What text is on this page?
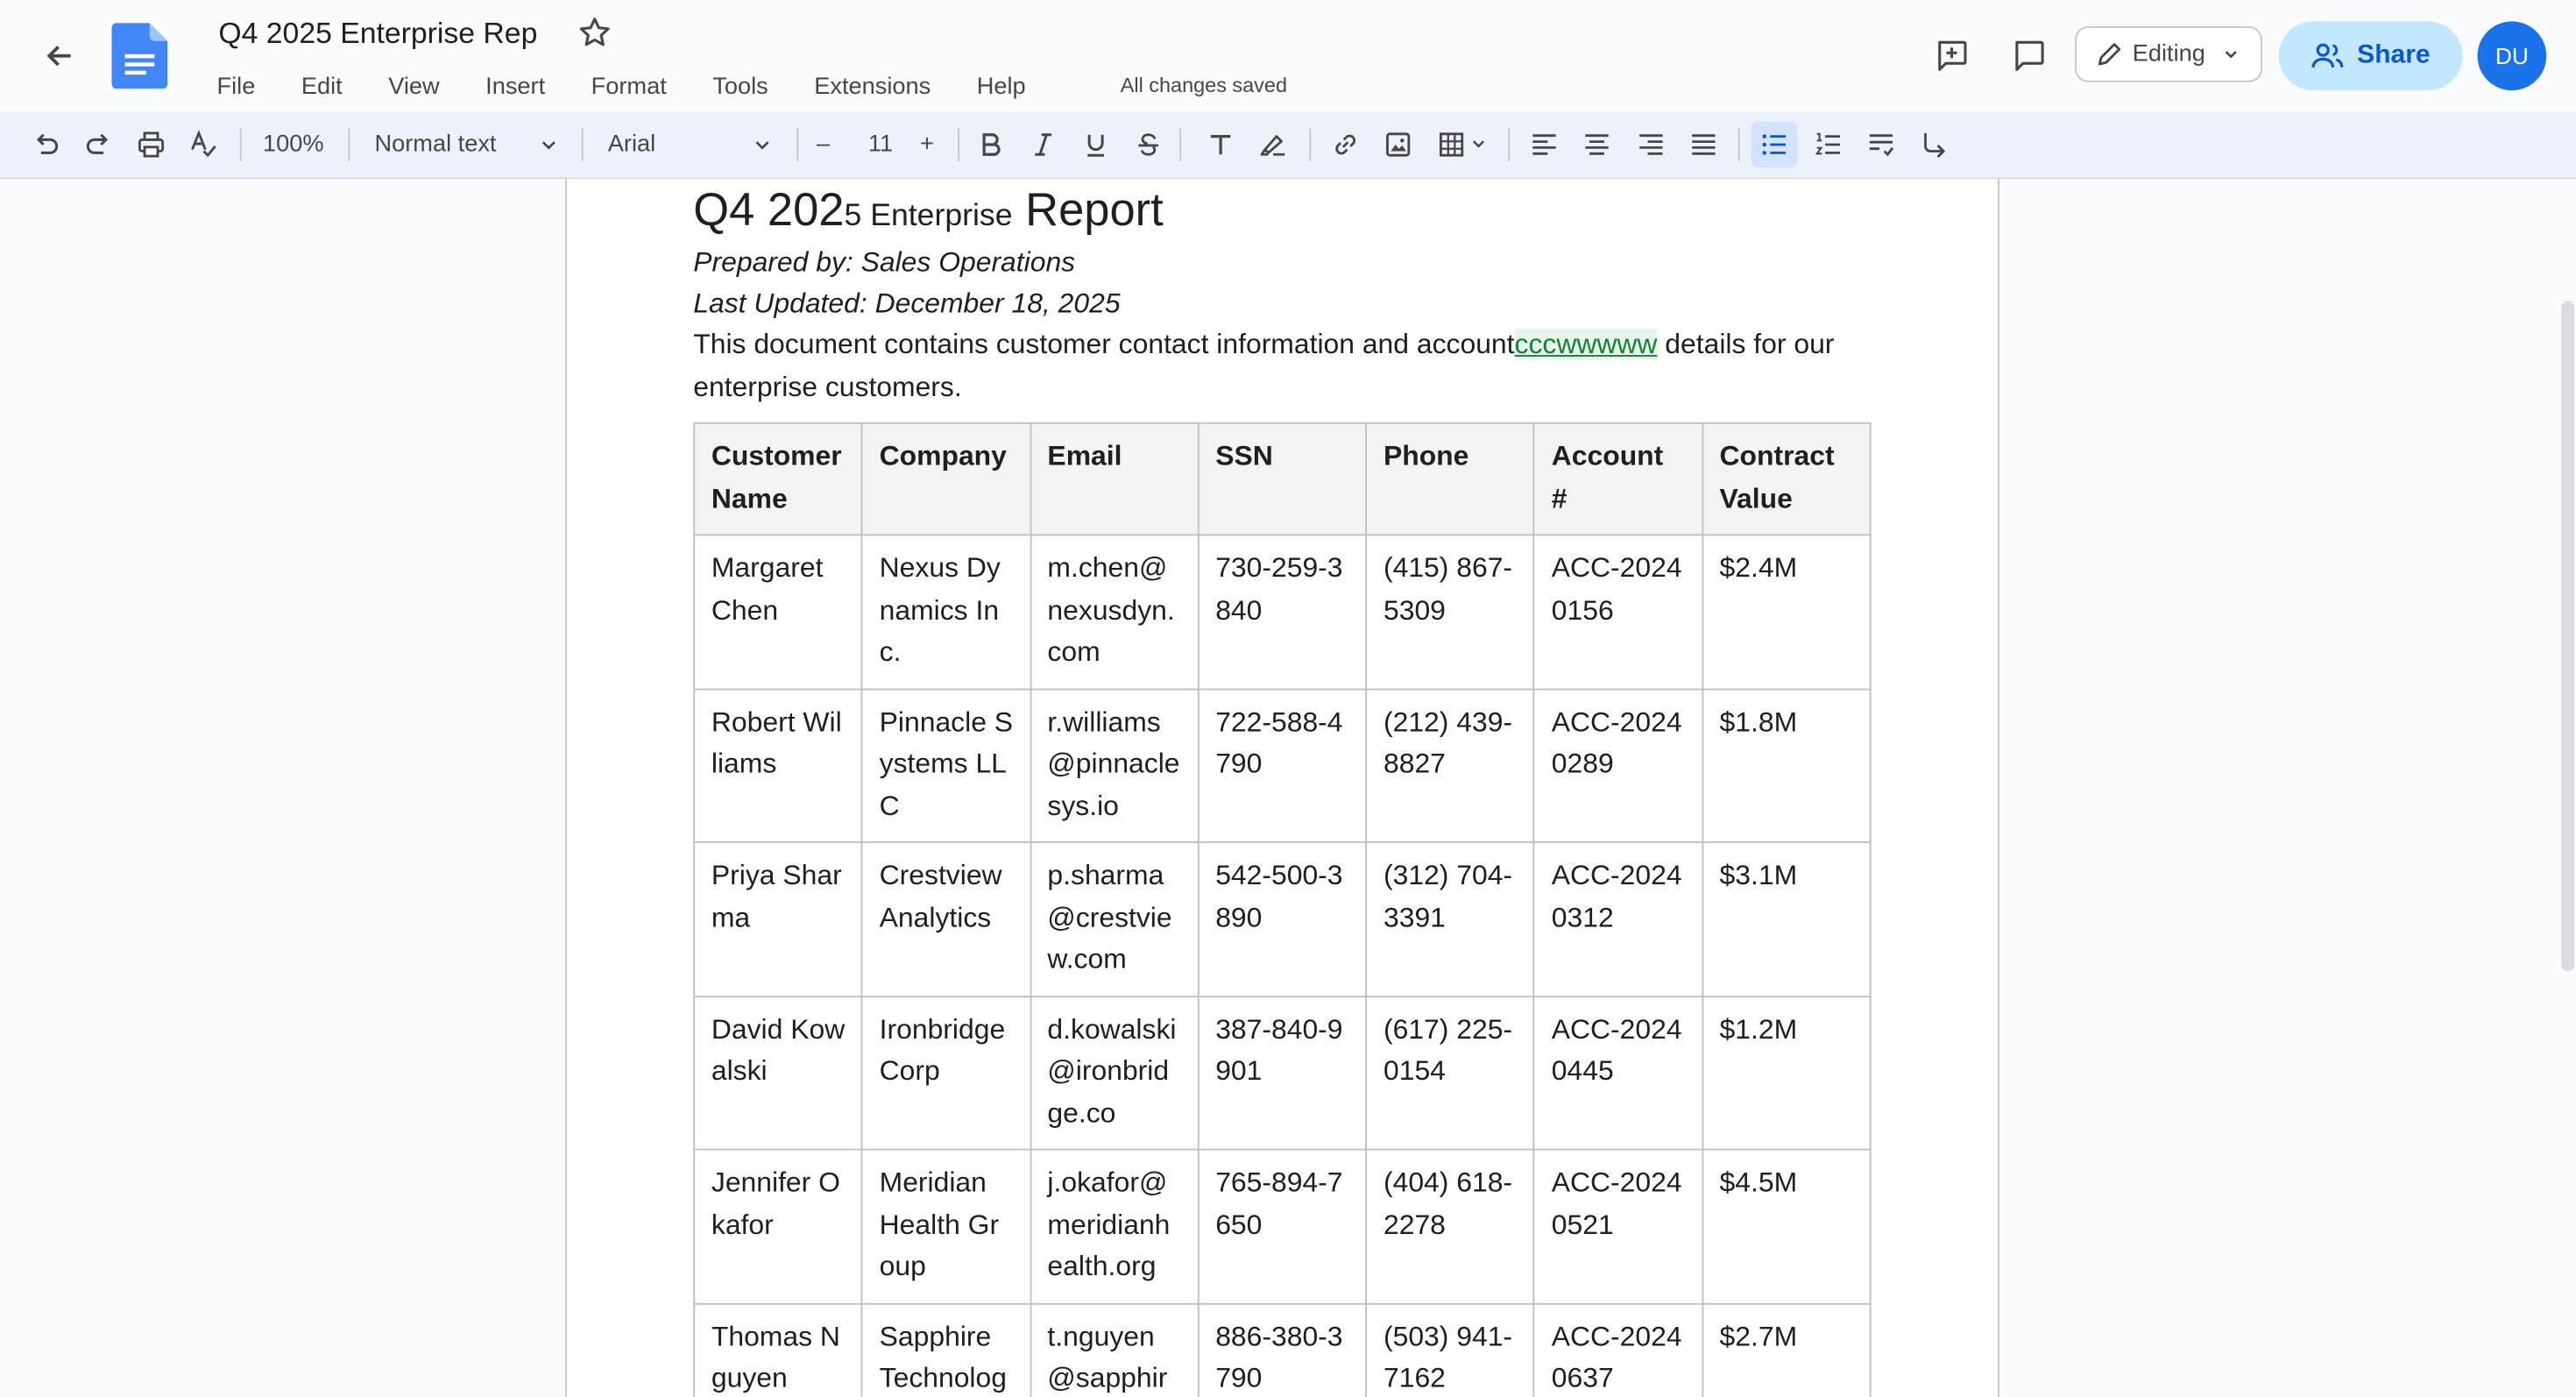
Q4 2025 Enterprise Rep
File	Edit	View	Insert	Format	Tools	Extensions	Help	All changes saved
Editing	Share	DU
100%	Normal text	Arial	–	11 +
Q4 2025 Enterprise Report
Prepared by: Sales Operations
Last Updated: December 18, 2025
This document contains customer contact information and accountcccwwwww details for our enterprise customers.
Customer Name	Company	Email	SSN	Phone	Account #	Contract Value
Margaret Chen	Nexus Dynamics Inc.	m.chen@nexusdyn.com	730-259-3840	(415) 867-5309	ACC-20240156	$2.4M
Robert Williams	Pinnacle Systems LLC	r.williams@pinnaclesys.io	722-588-4790	(212) 439-8827	ACC-20240289	$1.8M
Priya Sharma	Crestview Analytics	p.sharma@crestview.com	542-500-3890	(312) 704-3391	ACC-20240312	$3.1M
David Kowalski	Ironbridge Corp	d.kowalski@ironbridge.co	387-840-9901	(617) 225-0154	ACC-20240445	$1.2M
Jennifer Okafor	Meridian Health Group	j.okafor@meridianhealth.org	765-894-7650	(404) 618-2278	ACC-20240521	$4.5M
Thomas Nguyen	Sapphire Technolog	t.nguyen@sapphir	886-380-3790	(503) 941-7162	ACC-20240637	$2.7M
